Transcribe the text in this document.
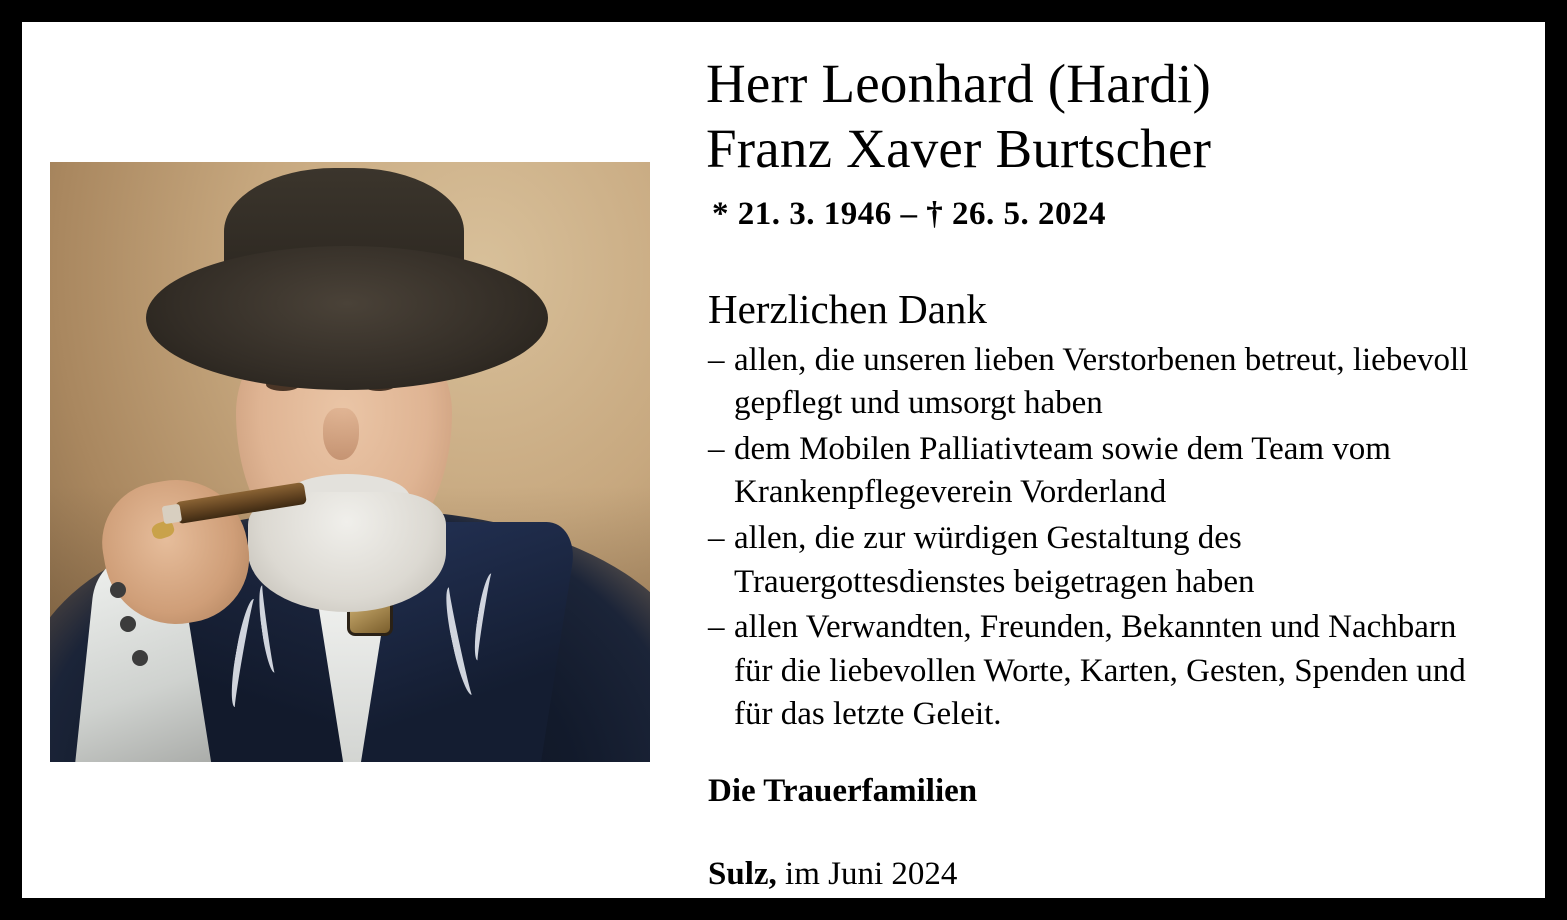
Herr Leonhard (Hardi)
Franz Xaver Burtscher
* 21. 3. 1946 – † 26. 5. 2024
Herzlichen Dank
– allen, die unseren lieben Verstorbenen betreut, liebevoll gepflegt und umsorgt haben
– dem Mobilen Palliativteam sowie dem Team vom Krankenpflegeverein Vorderland
– allen, die zur würdigen Gestaltung des Trauergottesdienstes beigetragen haben
– allen Verwandten, Freunden, Bekannten und Nachbarn für die liebevollen Worte, Karten, Gesten, Spenden und für das letzte Geleit.
Die Trauerfamilien
Sulz, im Juni 2024
